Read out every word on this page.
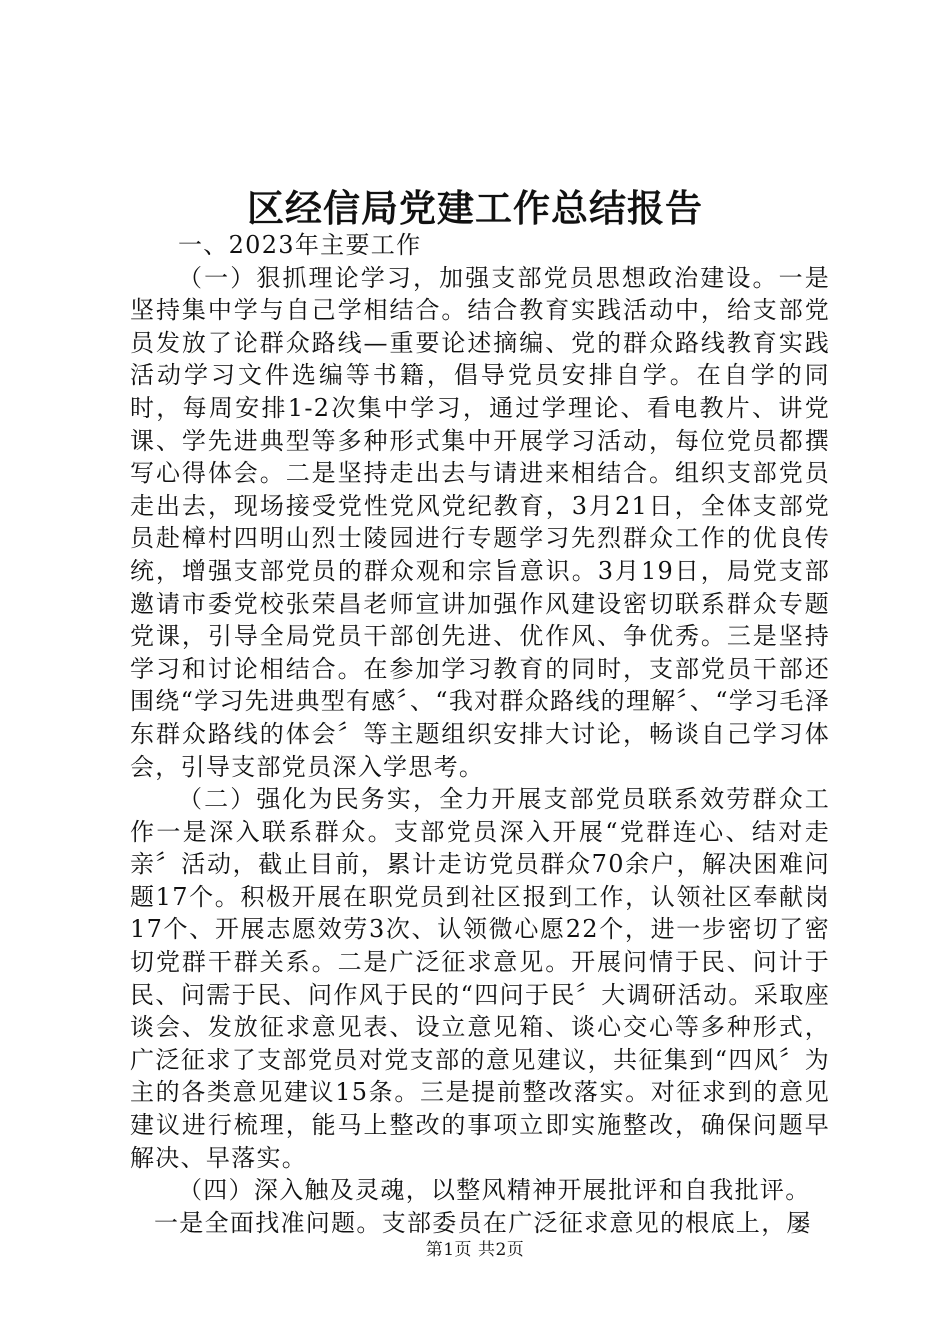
区经信局党建工作总结报告

一、2023年主要工作

（一）狠抓理论学习，加强支部党员思想政治建设。一是坚持集中学与自己学相结合。结合教育实践活动中，给支部党员发放了论群众路线—重要论述摘编、党的群众路线教育实践活动学习文件选编等书籍，倡导党员安排自学。在自学的同时，每周安排1-2次集中学习，通过学理论、看电教片、讲党课、学先进典型等多种形式集中开展学习活动，每位党员都撰写心得体会。二是坚持走出去与请进来相结合。组织支部党员走出去，现场接受党性党风党纪教育，3月21日，全体支部党员赴樟村四明山烈士陵园进行专题学习先烈群众工作的优良传统，增强支部党员的群众观和宗旨意识。3月19日，局党支部邀请市委党校张荣昌老师宣讲加强作风建设密切联系群众专题党课，引导全局党员干部创先进、优作风、争优秀。三是坚持学习和讨论相结合。在参加学习教育的同时，支部党员干部还围绕“学习先进典型有感〞、“我对群众路线的理解〞、“学习毛泽东群众路线的体会〞等主题组织安排大讨论，畅谈自己学习体会，引导支部党员深入学思考。

（二）强化为民务实，全力开展支部党员联系效劳群众工作一是深入联系群众。支部党员深入开展“党群连心、结对走亲〞活动，截止目前，累计走访党员群众70余户，解决困难问题17个。积极开展在职党员到社区报到工作，认领社区奉献岗17个、开展志愿效劳3次、认领微心愿22个，进一步密切了密切党群干群关系。二是广泛征求意见。开展问情于民、问计于民、问需于民、问作风于民的“四问于民〞大调研活动。采取座谈会、发放征求意见表、设立意见箱、谈心交心等多种形式，广泛征求了支部党员对党支部的意见建议，共征集到“四风〞为主的各类意见建议15条。三是提前整改落实。对征求到的意见建议进行梳理，能马上整改的事项立即实施整改，确保问题早解决、早落实。

（四）深入触及灵魂，以整风精神开展批评和自我批评。

一是全面找准问题。支部委员在广泛征求意见的根底上，屡

第1页 共2页
